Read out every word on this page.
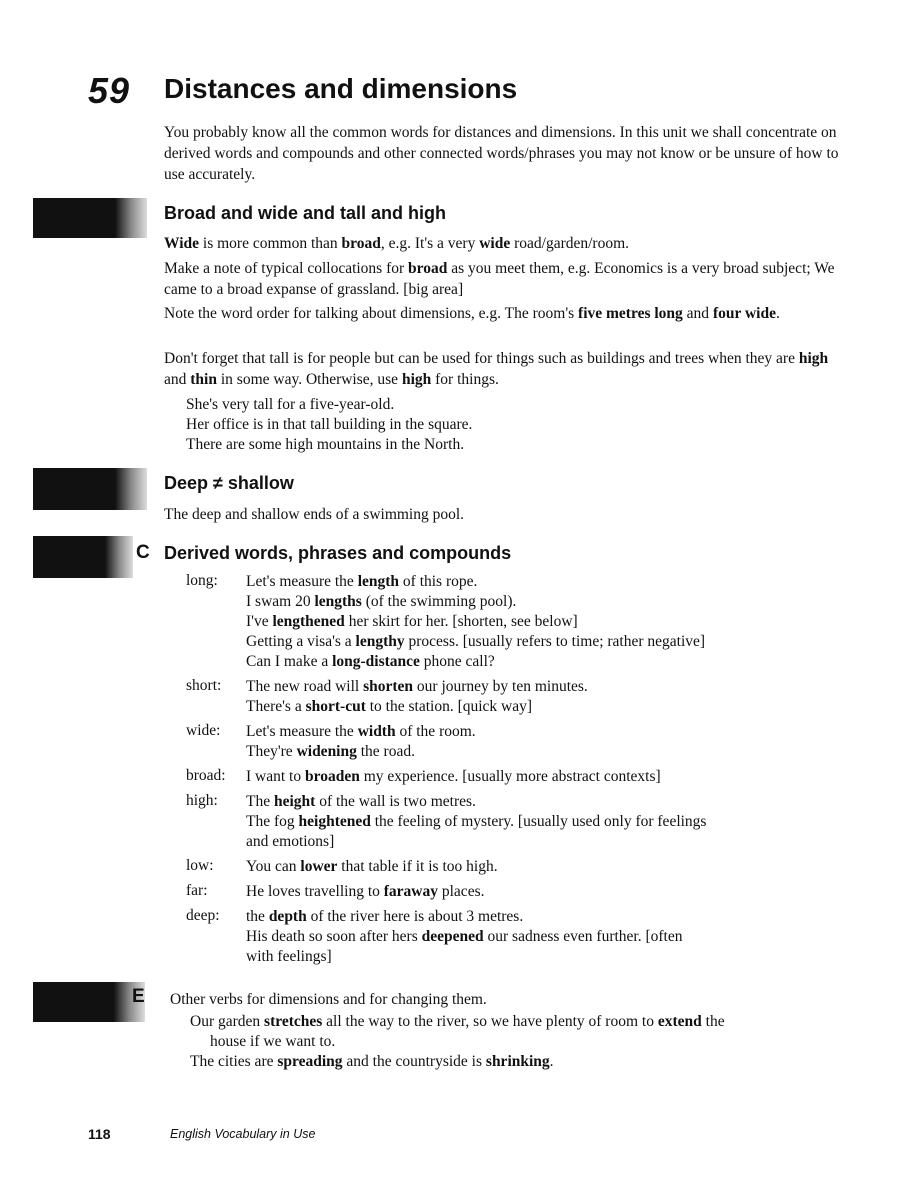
59 Distances and dimensions

You probably know all the common words for distances and dimensions. In this unit we shall concentrate on derived words and compounds and other connected words/phrases you may not know or be unsure of how to use accurately.

Broad and wide and tall and high

Wide is more common than broad, e.g. It's a very wide road/garden/room.

Make a note of typical collocations for broad as you meet them, e.g. Economics is a very broad subject; We came to a broad expanse of grassland. [big area]

Note the word order for talking about dimensions, e.g. The room's five metres long and four wide.

Don't forget that tall is for people but can be used for things such as buildings and trees when they are high and thin in some way. Otherwise, use high for things.

She's very tall for a five-year-old.
Her office is in that tall building in the square.
There are some high mountains in the North.
Deep ≠ shallow

The deep and shallow ends of a swimming pool.

C Derived words, phrases and compounds
long:	Let's measure the length of this rope.
I swam 20 lengths (of the swimming pool).
I've lengthened her skirt for her. [shorten, see below]
Getting a visa's a lengthy process. [usually refers to time; rather negative]
Can I make a long-distance phone call?
short:	The new road will shorten our journey by ten minutes.
There's a short-cut to the station. [quick way]
wide:	Let's measure the width of the room.
They're widening the road.
broad:	I want to broaden my experience. [usually more abstract contexts]
high:	The height of the wall is two metres.
The fog heightened the feeling of mystery. [usually used only for feelings
and emotions]
low:	You can lower that table if it is too high.
far:	He loves travelling to faraway places.
deep:	the depth of the river here is about 3 metres.
His death so soon after hers deepened our sadness even further. [often
with feelings]
E Other verbs for dimensions and for changing them.

Our garden stretches all the way to the river, so we have plenty of room to extend the
house if we want to.
The cities are spreading and the countryside is shrinking.
118	English Vocabulary in Use
